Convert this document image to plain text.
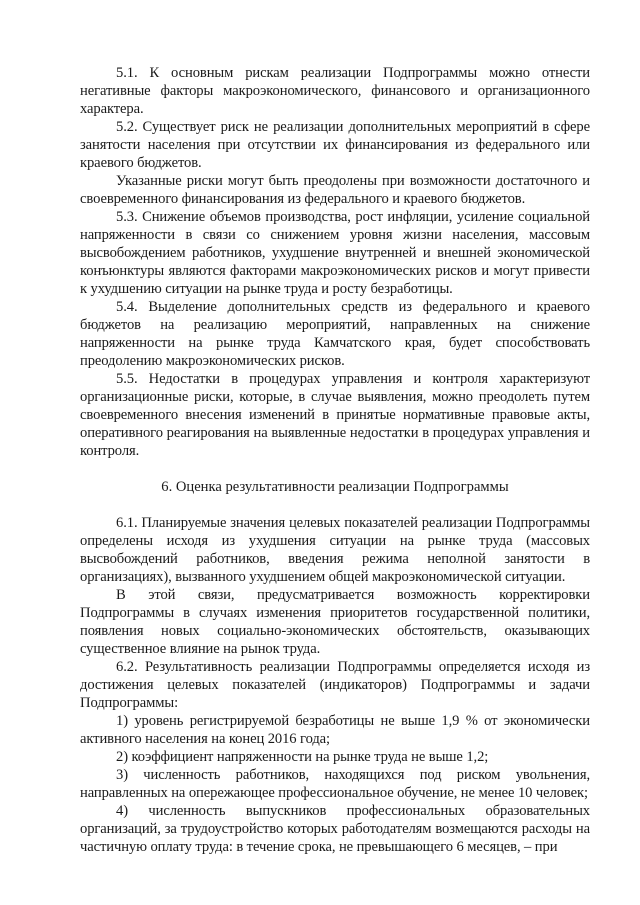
5.1. К основным рискам реализации Подпрограммы можно отнести негативные факторы макроэкономического, финансового и организационного характера.

5.2. Существует риск не реализации дополнительных мероприятий в сфере занятости населения при отсутствии их финансирования из федерального или краевого бюджетов.

Указанные риски могут быть преодолены при возможности достаточного и своевременного финансирования из федерального и краевого бюджетов.

5.3. Снижение объемов производства, рост инфляции, усиление социальной напряженности в связи со снижением уровня жизни населения, массовым высвобождением работников, ухудшение внутренней и внешней экономической конъюнктуры являются факторами макроэкономических рисков и могут привести к ухудшению ситуации на рынке труда и росту безработицы.

5.4. Выделение дополнительных средств из федерального и краевого бюджетов на реализацию мероприятий, направленных на снижение напряженности на рынке труда Камчатского края, будет способствовать преодолению макроэкономических рисков.

5.5. Недостатки в процедурах управления и контроля характеризуют организационные риски, которые, в случае выявления, можно преодолеть путем своевременного внесения изменений в принятые нормативные правовые акты, оперативного реагирования на выявленные недостатки в процедурах управления и контроля.

6. Оценка результативности реализации Подпрограммы

6.1. Планируемые значения целевых показателей реализации Подпрограммы определены исходя из ухудшения ситуации на рынке труда (массовых высвобождений работников, введения режима неполной занятости в организациях), вызванного ухудшением общей макроэкономической ситуации.

В этой связи, предусматривается возможность корректировки Подпрограммы в случаях изменения приоритетов государственной политики, появления новых социально-экономических обстоятельств, оказывающих существенное влияние на рынок труда.

6.2. Результативность реализации Подпрограммы определяется исходя из достижения целевых показателей (индикаторов) Подпрограммы и задачи Подпрограммы:

1) уровень регистрируемой безработицы не выше 1,9 % от экономически активного населения на конец 2016 года;

2) коэффициент напряженности на рынке труда не выше 1,2;

3) численность работников, находящихся под риском увольнения, направленных на опережающее профессиональное обучение, не менее 10 человек;

4) численность выпускников профессиональных образовательных организаций, за трудоустройство которых работодателям возмещаются расходы на частичную оплату труда: в течение срока, не превышающего 6 месяцев, – при
